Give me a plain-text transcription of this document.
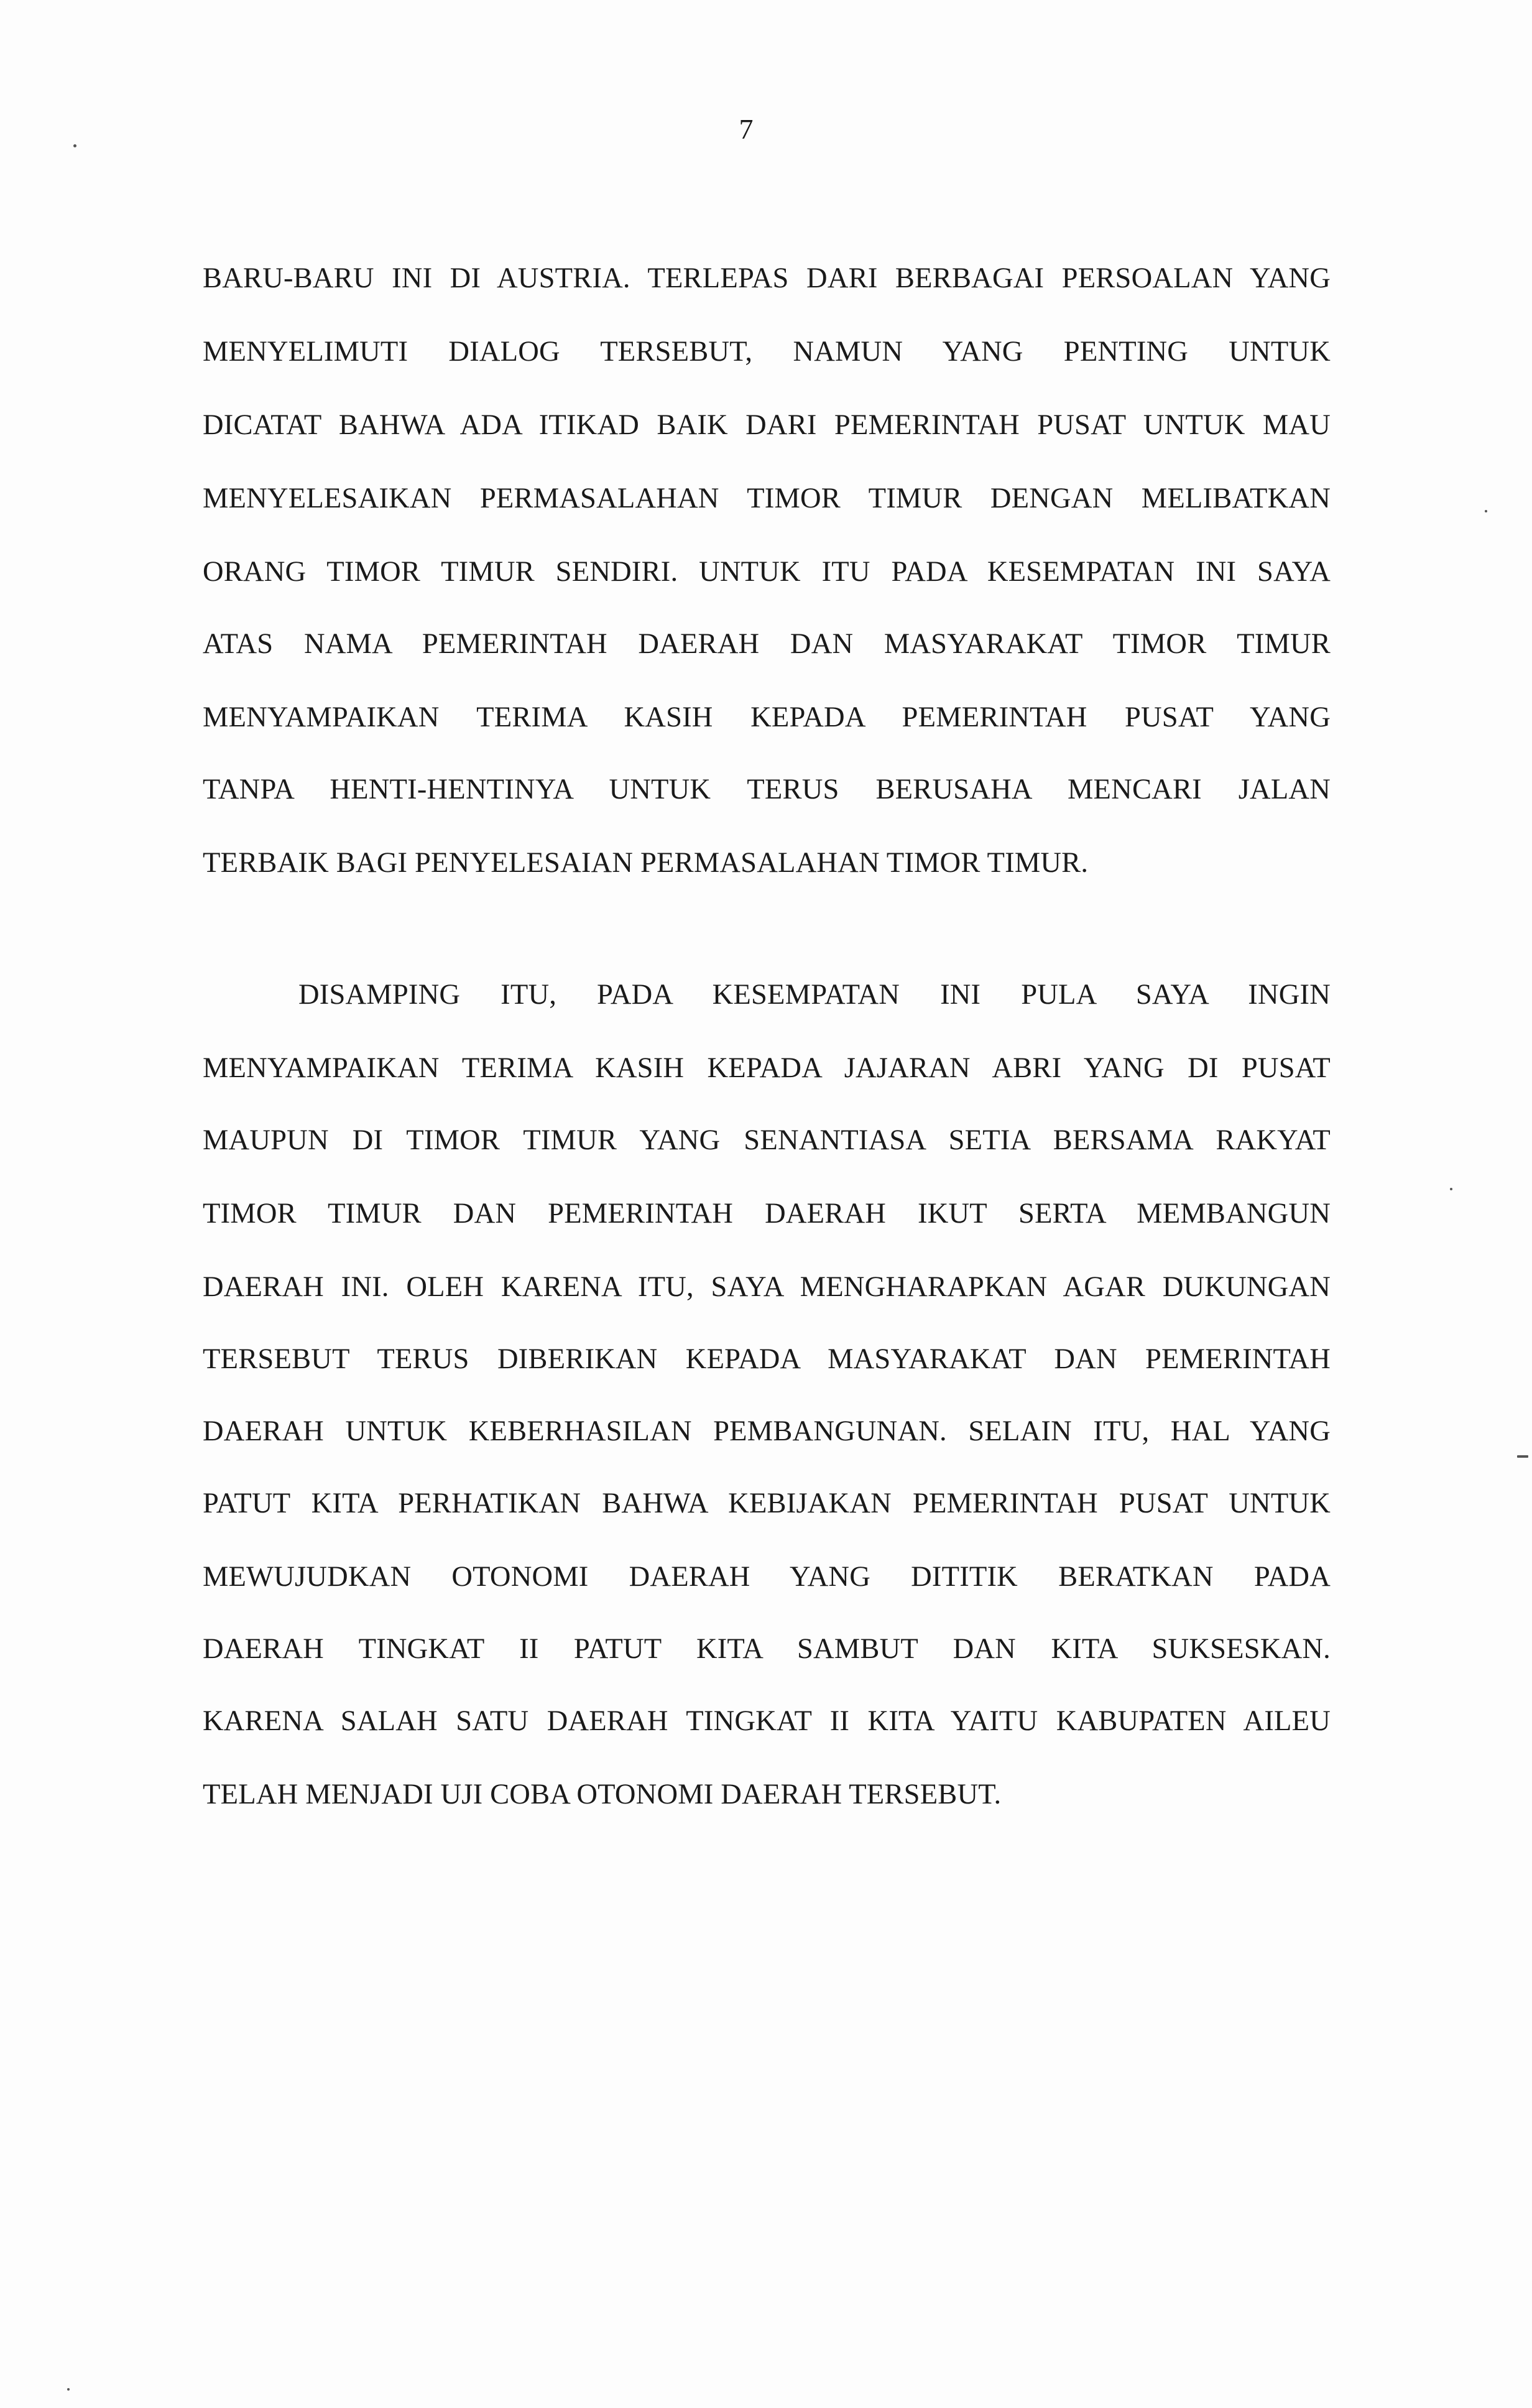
7
BARU-BARU INI DI AUSTRIA. TERLEPAS DARI BERBAGAI PERSOALAN YANG
MENYELIMUTI DIALOG TERSEBUT, NAMUN YANG PENTING UNTUK
DICATAT BAHWA ADA ITIKAD BAIK DARI PEMERINTAH PUSAT UNTUK MAU
MENYELESAIKAN PERMASALAHAN TIMOR TIMUR DENGAN MELIBATKAN
ORANG TIMOR TIMUR SENDIRI. UNTUK ITU PADA KESEMPATAN INI SAYA
ATAS NAMA PEMERINTAH DAERAH DAN MASYARAKAT TIMOR TIMUR
MENYAMPAIKAN TERIMA KASIH KEPADA PEMERINTAH PUSAT YANG
TANPA HENTI-HENTINYA UNTUK TERUS BERUSAHA MENCARI JALAN
TERBAIK BAGI PENYELESAIAN PERMASALAHAN TIMOR TIMUR.
DISAMPING ITU, PADA KESEMPATAN INI PULA SAYA INGIN
MENYAMPAIKAN TERIMA KASIH KEPADA JAJARAN ABRI YANG DI PUSAT
MAUPUN DI TIMOR TIMUR YANG SENANTIASA SETIA BERSAMA RAKYAT
TIMOR TIMUR DAN PEMERINTAH DAERAH IKUT SERTA MEMBANGUN
DAERAH INI. OLEH KARENA ITU, SAYA MENGHARAPKAN AGAR DUKUNGAN
TERSEBUT TERUS DIBERIKAN KEPADA MASYARAKAT DAN PEMERINTAH
DAERAH UNTUK KEBERHASILAN PEMBANGUNAN. SELAIN ITU, HAL YANG
PATUT KITA PERHATIKAN BAHWA KEBIJAKAN PEMERINTAH PUSAT UNTUK
MEWUJUDKAN OTONOMI DAERAH YANG DITITIK BERATKAN PADA
DAERAH TINGKAT II PATUT KITA SAMBUT DAN KITA SUKSESKAN.
KARENA SALAH SATU DAERAH TINGKAT II KITA YAITU KABUPATEN AILEU
TELAH MENJADI UJI COBA OTONOMI DAERAH TERSEBUT.
